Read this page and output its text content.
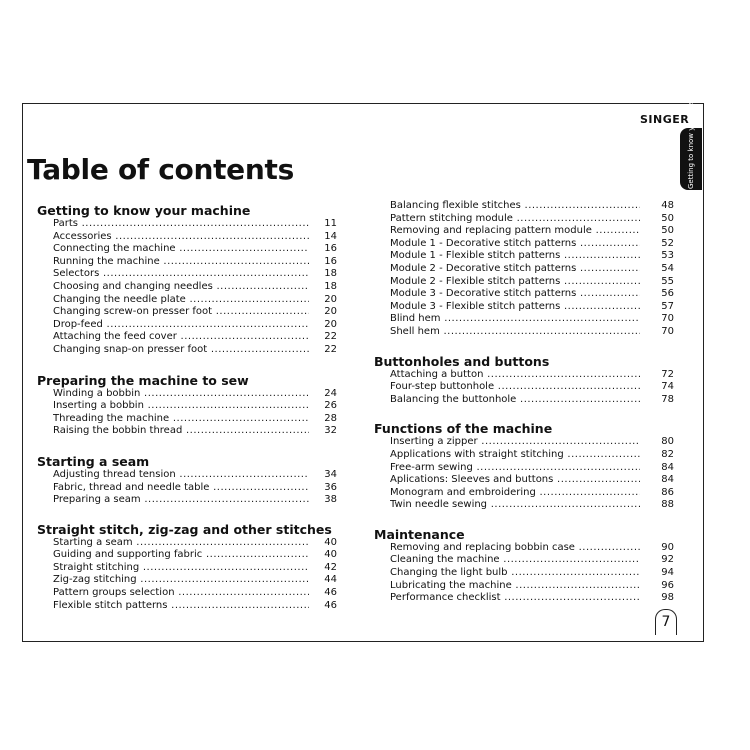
SINGER
Table of contents	Getting to know your machine
7
Getting to know your machine
Parts .....	11
Accessories .....	14
Connecting the machine .....	16
Running the machine .....	16
Selectors .....	18
Choosing and changing needles .....	18
Changing the needle plate .....	20
Changing screw-on presser foot .....	20
Drop-feed .....	20
Attaching the feed cover .....	22
Changing snap-on presser foot .....	22
Preparing the machine to sew
Winding a bobbin .....	24
Inserting a bobbin .....	26
Threading the machine .....	28
Raising the bobbin thread .....	32
Starting a seam
Adjusting thread tension .....	34
Fabric, thread and needle table .....	36
Preparing a seam .....	38
Straight stitch, zig-zag and other stitches
Starting a seam .....	40
Guiding and supporting fabric .....	40
Straight stitching .....	42
Zig-zag stitching .....	44
Pattern groups selection .....	46
Flexible stitch patterns .....	46
Balancing flexible stitches .....	48
Pattern stitching module .....	50
Removing and replacing pattern module .....	50
Module 1 - Decorative stitch patterns .....	52
Module 1 - Flexible stitch patterns .....	53
Module 2 - Decorative stitch patterns .....	54
Module 2 - Flexible stitch patterns .....	55
Module 3 - Decorative stitch patterns .....	56
Module 3 - Flexible stitch patterns .....	57
Blind hem .....	70
Shell hem .....	70
Buttonholes and buttons
Attaching a button .....	72
Four-step buttonhole .....	74
Balancing the buttonhole .....	78
Functions of the machine
Inserting a zipper .....	80
Applications with straight stitching .....	82
Free-arm sewing .....	84
Aplications: Sleeves and buttons .....	84
Monogram and embroidering .....	86
Twin needle sewing .....	88
Maintenance
Removing and replacing bobbin case .....	90
Cleaning the machine .....	92
Changing the light bulb .....	94
Lubricating the machine .....	96
Performance checklist .....	98
